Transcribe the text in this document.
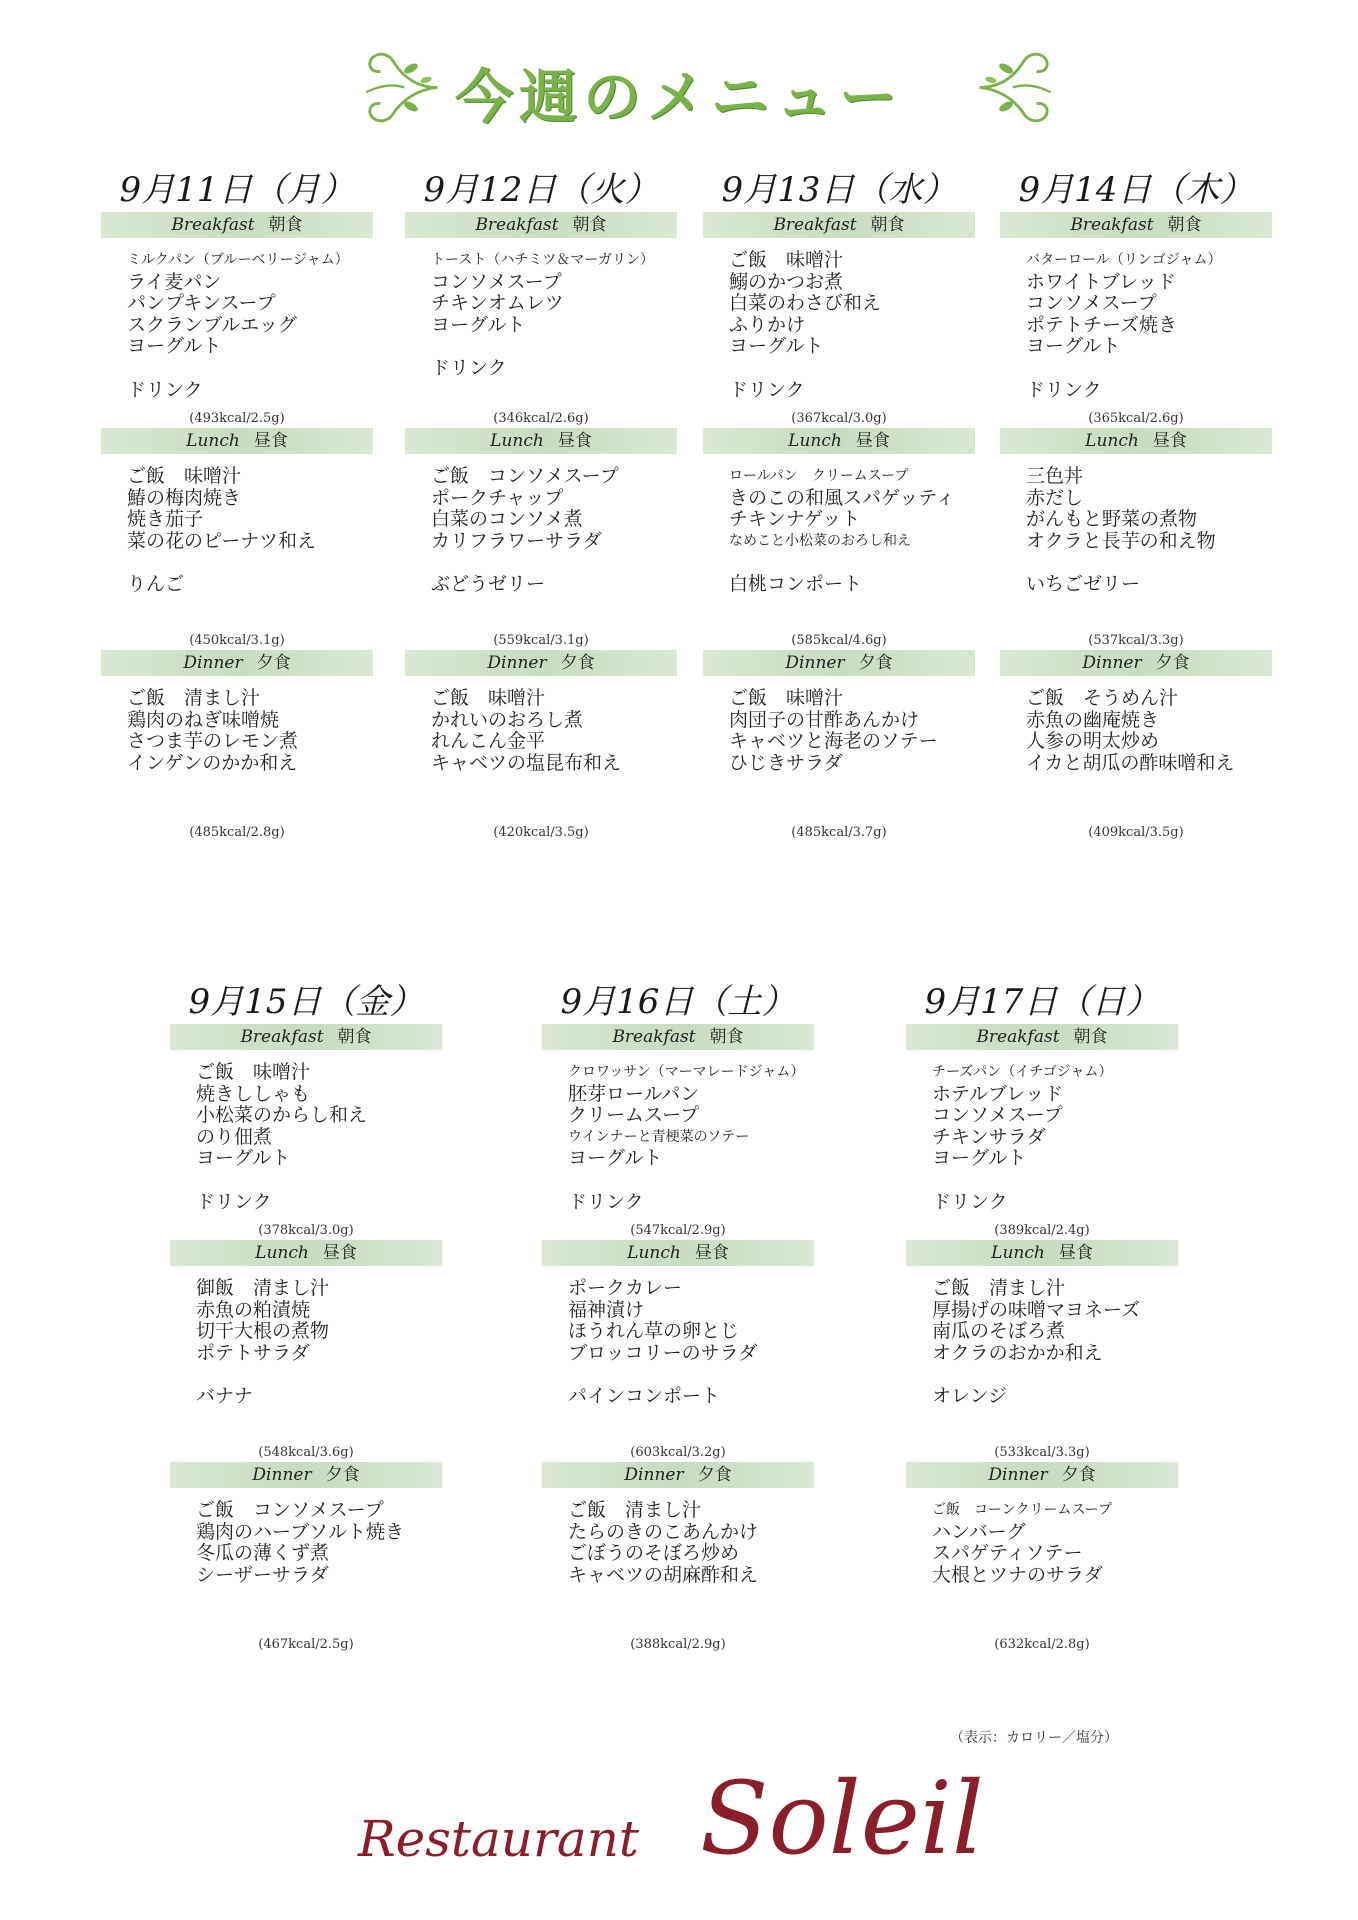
今週のメニュー
9月11日（月）
Breakfast 朝食
ミルクパン（ブルーベリージャム）
ライ麦パン
パンプキンスープ
スクランブルエッグ
ヨーグルト
ドリンク
(493kcal/2.5g)
Lunch 昼食
ご飯　味噌汁
鰆の梅肉焼き
焼き茄子
菜の花のピーナツ和え
りんご
(450kcal/3.1g)
Dinner 夕食
ご飯　清まし汁
鶏肉のねぎ味噌焼
さつま芋のレモン煮
インゲンのかか和え
(485kcal/2.8g)
9月12日（火）
Breakfast 朝食
トースト（ハチミツ＆マーガリン）
コンソメスープ
チキンオムレツ
ヨーグルト
ドリンク
(346kcal/2.6g)
Lunch 昼食
ご飯　コンソメスープ
ポークチャップ
白菜のコンソメ煮
カリフラワーサラダ
ぶどうゼリー
(559kcal/3.1g)
Dinner 夕食
ご飯　味噌汁
かれいのおろし煮
れんこん金平
キャベツの塩昆布和え
(420kcal/3.5g)
9月13日（水）
Breakfast 朝食
ご飯　味噌汁
鰯のかつお煮
白菜のわさび和え
ふりかけ
ヨーグルト
ドリンク
(367kcal/3.0g)
Lunch 昼食
ロールパン　クリームスープ
きのこの和風スパゲッティ
チキンナゲット
なめこと小松菜のおろし和え
白桃コンポート
(585kcal/4.6g)
Dinner 夕食
ご飯　味噌汁
肉団子の甘酢あんかけ
キャベツと海老のソテー
ひじきサラダ
(485kcal/3.7g)
9月14日（木）
Breakfast 朝食
バターロール（リンゴジャム）
ホワイトブレッド
コンソメスープ
ポテトチーズ焼き
ヨーグルト
ドリンク
(365kcal/2.6g)
Lunch 昼食
三色丼
赤だし
がんもと野菜の煮物
オクラと長芋の和え物
いちごゼリー
(537kcal/3.3g)
Dinner 夕食
ご飯　そうめん汁
赤魚の幽庵焼き
人参の明太炒め
イカと胡瓜の酢味噌和え
(409kcal/3.5g)
9月15日（金）
Breakfast 朝食
ご飯　味噌汁
焼きししゃも
小松菜のからし和え
のり佃煮
ヨーグルト
ドリンク
(378kcal/3.0g)
Lunch 昼食
御飯　清まし汁
赤魚の粕漬焼
切干大根の煮物
ポテトサラダ
バナナ
(548kcal/3.6g)
Dinner 夕食
ご飯　コンソメスープ
鶏肉のハーブソルト焼き
冬瓜の薄くず煮
シーザーサラダ
(467kcal/2.5g)
9月16日（土）
Breakfast 朝食
クロワッサン（マーマレードジャム）
胚芽ロールパン
クリームスープ
ウインナーと青梗菜のソテー
ヨーグルト
ドリンク
(547kcal/2.9g)
Lunch 昼食
ポークカレー
福神漬け
ほうれん草の卵とじ
ブロッコリーのサラダ
パインコンポート
(603kcal/3.2g)
Dinner 夕食
ご飯　清まし汁
たらのきのこあんかけ
ごぼうのそぼろ炒め
キャベツの胡麻酢和え
(388kcal/2.9g)
9月17日（日）
Breakfast 朝食
チーズパン（イチゴジャム）
ホテルブレッド
コンソメスープ
チキンサラダ
ヨーグルト
ドリンク
(389kcal/2.4g)
Lunch 昼食
ご飯　清まし汁
厚揚げの味噌マヨネーズ
南瓜のそぼろ煮
オクラのおかか和え
オレンジ
(533kcal/3.3g)
Dinner 夕食
ご飯　コーンクリームスープ
ハンバーグ
スパゲティソテー
大根とツナのサラダ
(632kcal/2.8g)
（表示：カロリー／塩分）
Restaurant Soleil
